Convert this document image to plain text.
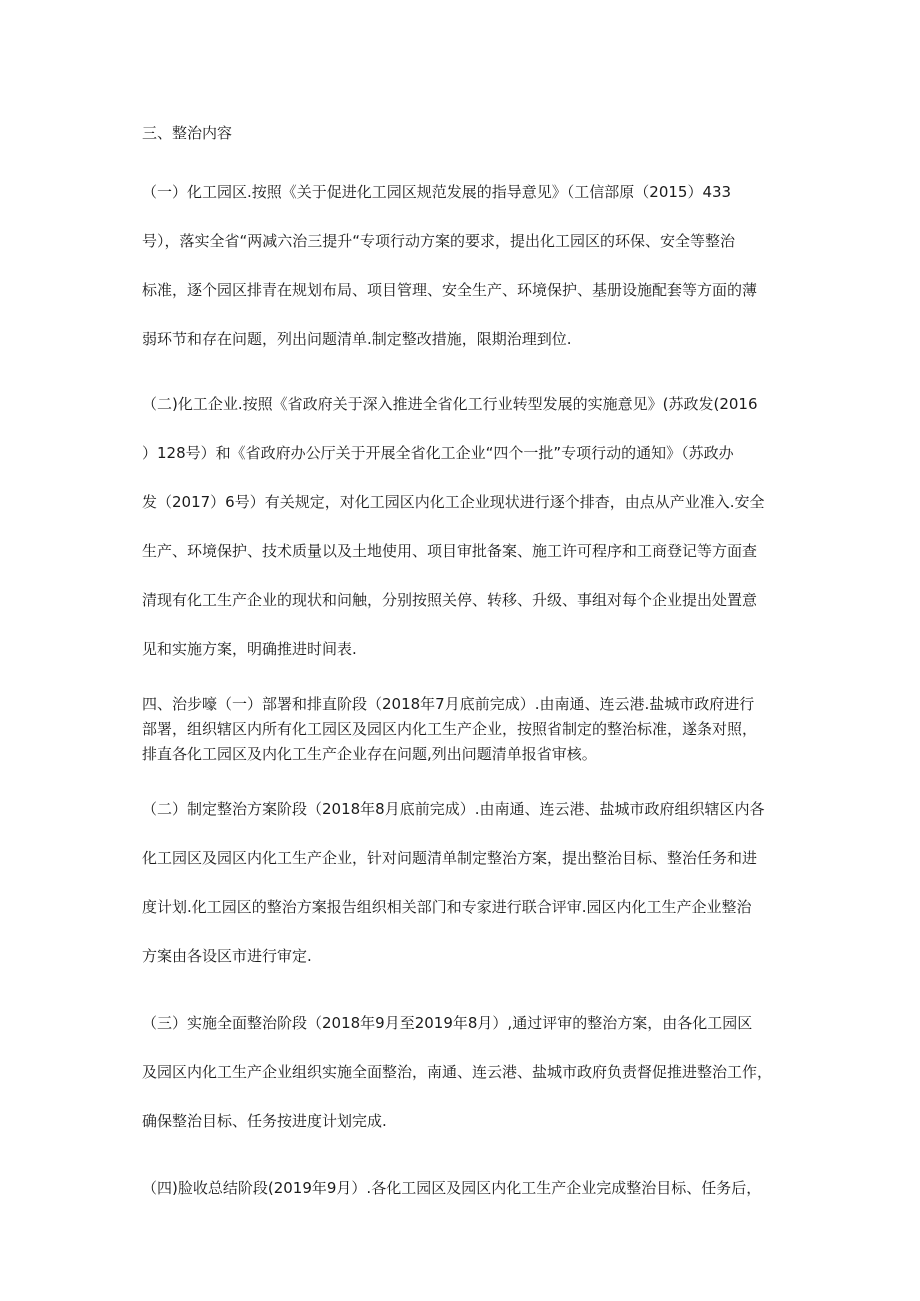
三、整治内容
（一）化工园区.按照《关于促进化工园区规范发展的指导意见》（工信部原（2015）433
号），落实全省“两减六治三提升“专项行动方案的要求，提出化工园区的环保、安全等整治
标准，逐个园区排青在规划布局、项目管理、安全生产、环境保护、基册设施配套等方面的薄
弱环节和存在问题，列出问题清单.制定整改措施，限期治理到位.
（二)化工企业.按照《省政府关于深入推进全省化工行业转型发展的实施意见》(苏政发(2016
）128号）和《省政府办公厅关于开展全省化工企业“四个一批”专项行动的通知》（苏政办
发（2017）6号）有关规定，对化工园区内化工企业现状进行逐个排杳，由点从产业准入.安全
生产、环境保护、技术质量以及土地使用、项目审批备案、施工许可程序和工商登记等方面查
清现有化工生产企业的现状和问触，分别按照关停、转移、升级、事组对每个企业提出处置意
见和实施方案，明确推进时间表.
四、治步嚎（一）部署和排直阶段（2018年7月底前完成）.由南通、连云港.盐城市政府进行
部署，组织辖区内所有化工园区及园区内化工生产企业，按照省制定的整治标准，遂条对照，
排直各化工园区及内化工生产企业存在问题,列出问题清单报省审核。
（二）制定整治方案阶段（2018年8月底前完成）.由南通、连云港、盐城市政府组织辖区内各
化工园区及园区内化工生产企业，针对问题清单制定整治方案，提出整治目标、整治任务和进
度计划.化工园区的整治方案报告组织相关部门和专家进行联合评审.园区内化工生产企业整治
方案由各设区市进行审定.
（三）实施全面整治阶段（2018年9月至2019年8月）,通过评审的整治方案，由各化工园区
及园区内化工生产企业组织实施全面整治，南通、连云港、盐城市政府负责督促推进整治工作，
确保整治目标、任务按进度计划完成.
（四)脸收总结阶段(2019年9月）.各化工园区及园区内化工生产企业完成整治目标、任务后，
